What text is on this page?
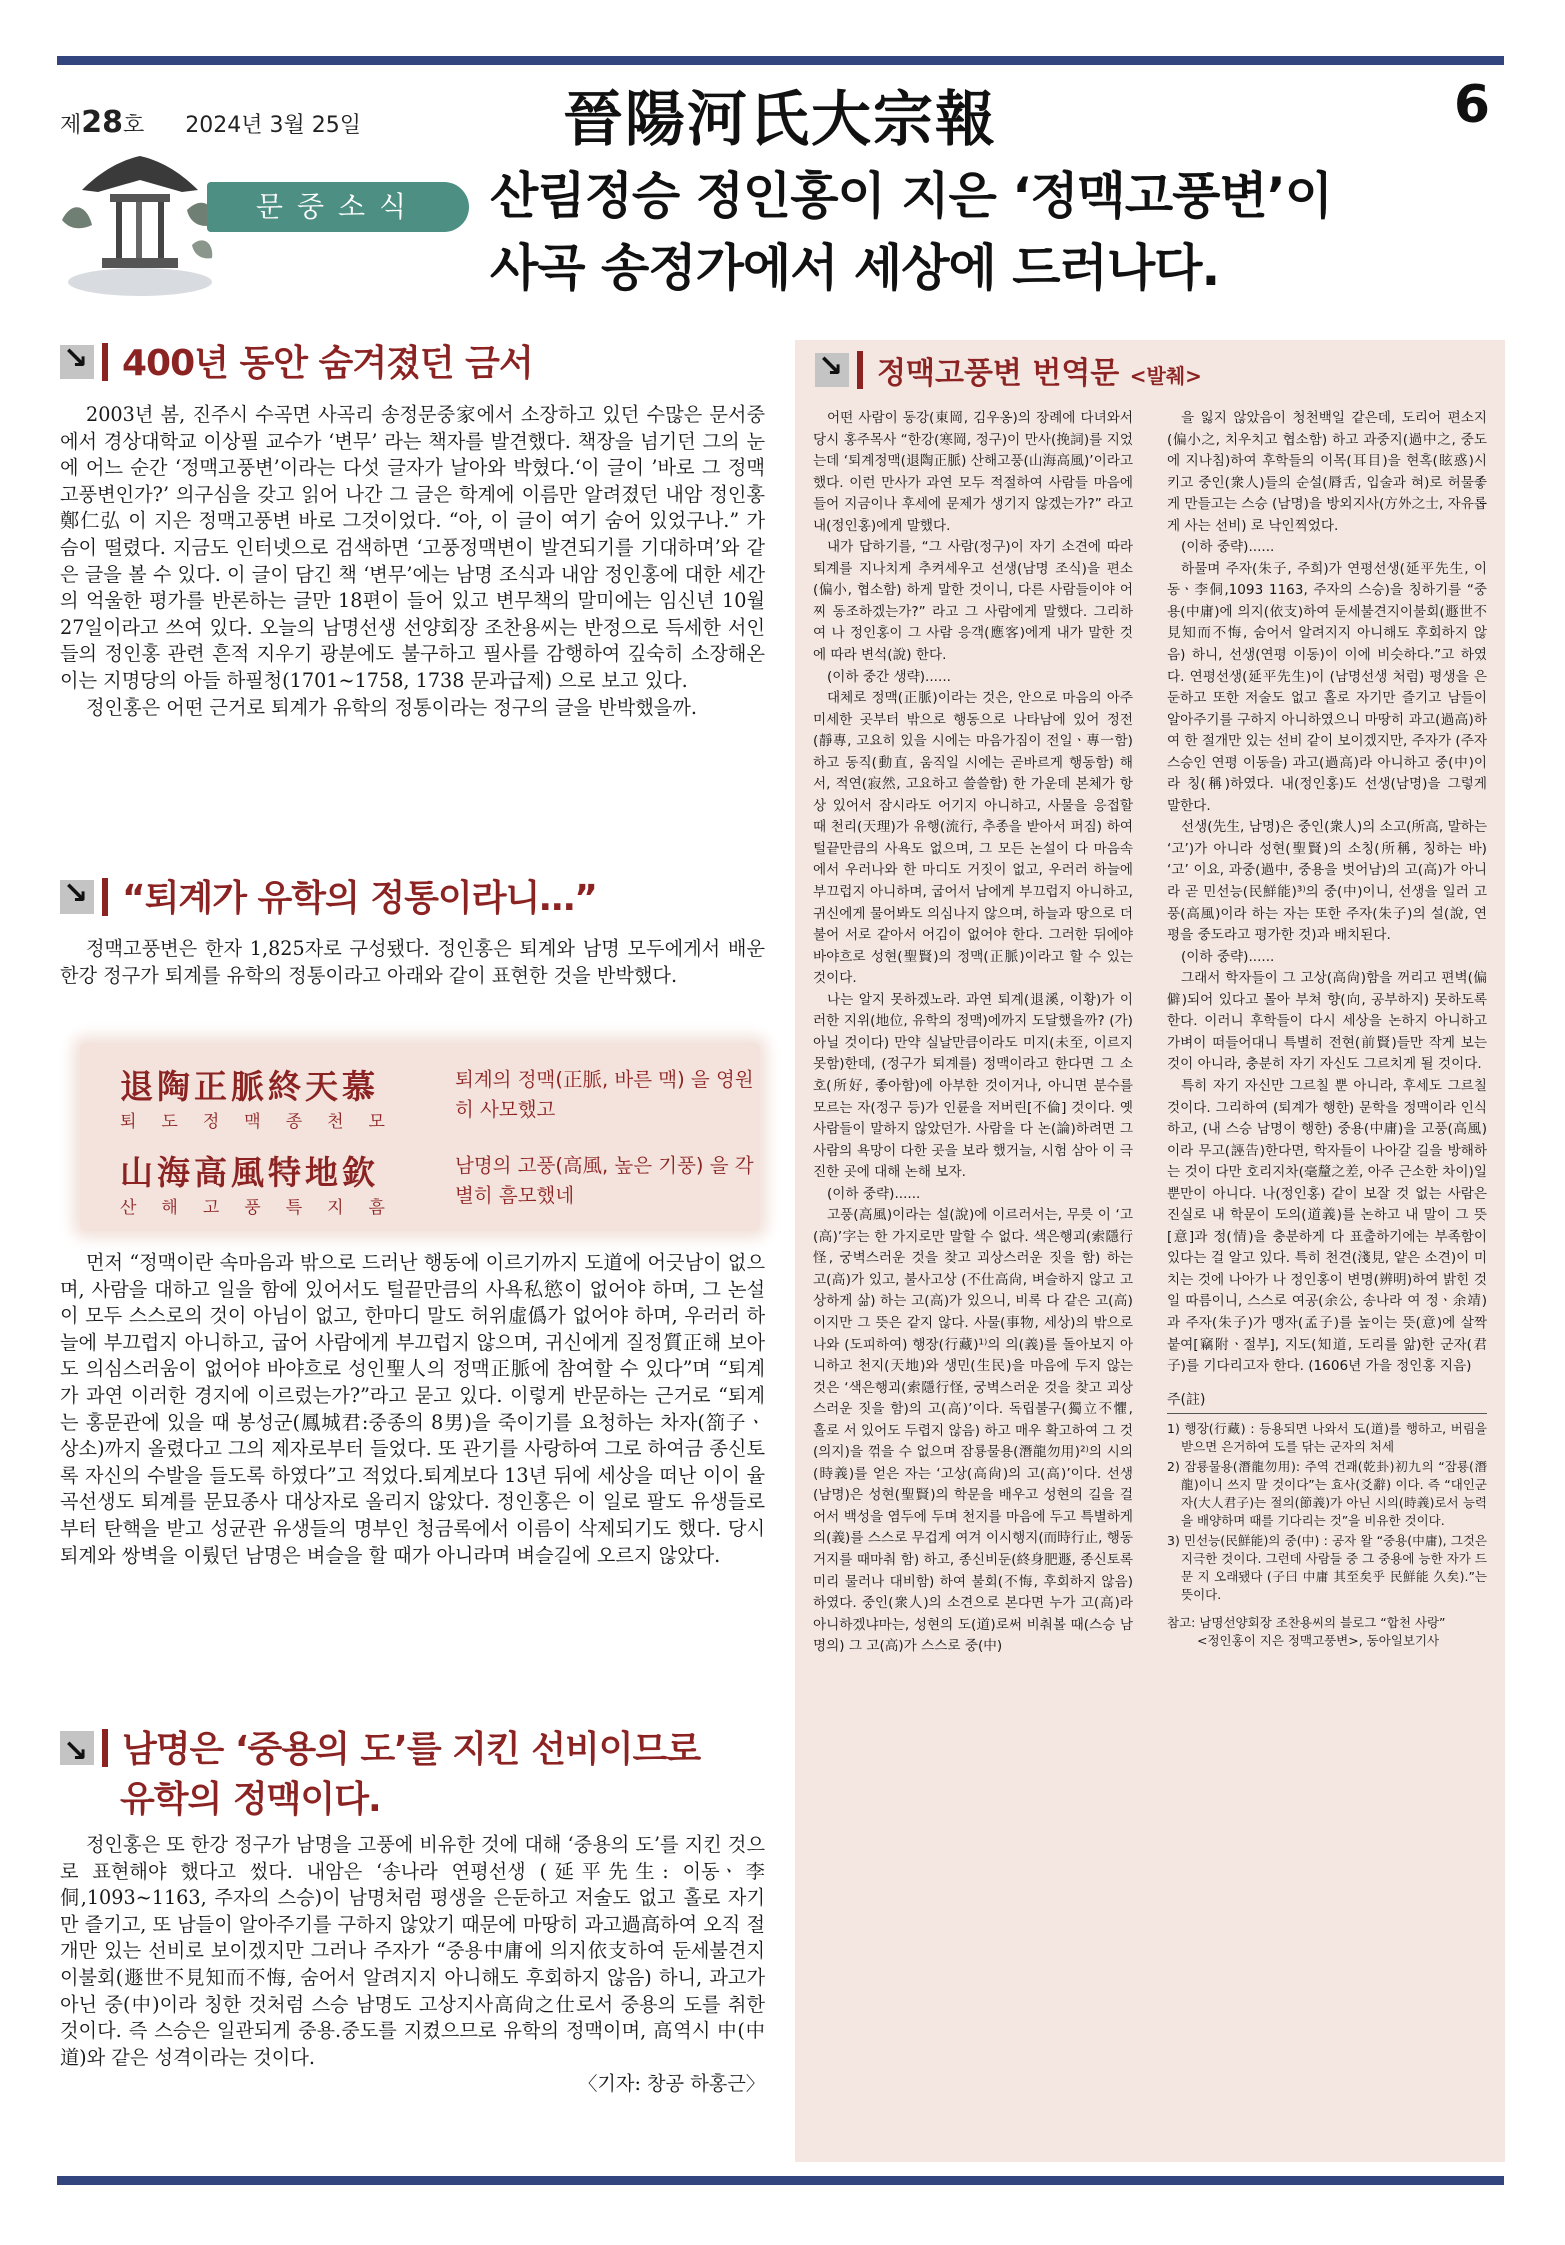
제28호 2024년 3월 25일	晉陽河氏大宗報	6
문중소식	산림정승 정인홍이 지은 ‘정맥고풍변’이
사곡 송정가에서 세상에 드러나다.
↘400년 동안 숨겨졌던 금서

2003년 봄, 진주시 수곡면 사곡리 송정문중家에서 소장하고 있던 수많은 문서중에서 경상대학교 이상필 교수가 ‘변무’ 라는 책자를 발견했다. 책장을 넘기던 그의 눈에 어느 순간 ‘정맥고풍변’이라는 다섯 글자가 날아와 박혔다.‘이 글이 ’바로 그 정맥고풍변인가?’ 의구심을 갖고 읽어 나간 그 글은 학계에 이름만 알려졌던 내암 정인홍鄭仁弘 이 지은 정맥고풍변 바로 그것이었다. “아, 이 글이 여기 숨어 있었구나.” 가슴이 떨렸다. 지금도 인터넷으로 검색하면 ‘고풍정맥변이 발견되기를 기대하며’와 같은 글을 볼 수 있다. 이 글이 담긴 책 ‘변무’에는 남명 조식과 내암 정인홍에 대한 세간의 억울한 평가를 반론하는 글만 18편이 들어 있고 변무책의 말미에는 임신년 10월 27일이라고 쓰여 있다. 오늘의 남명선생 선양회장 조찬용씨는 반정으로 득세한 서인들의 정인홍 관련 흔적 지우기 광분에도 불구하고 필사를 감행하여 깊숙히 소장해온 이는 지명당의 아들 하필청(1701~1758, 1738 문과급제) 으로 보고 있다.

정인홍은 어떤 근거로 퇴계가 유학의 정통이라는 정구의 글을 반박했을까.

↘“퇴계가 유학의 정통이라니…”

정맥고풍변은 한자 1,825자로 구성됐다. 정인홍은 퇴계와 남명 모두에게서 배운 한강 정구가 퇴계를 유학의 정통이라고 아래와 같이 표현한 것을 반박했다.

退陶正脈終天慕
퇴도정맥종천모
퇴계의 정맥(正脈, 바른 맥) 을 영원히 사모했고
山海高風特地欽
산해고풍특지흠
남명의 고풍(高風, 높은 기풍) 을 각별히 흠모했네

먼저 “정맥이란 속마음과 밖으로 드러난 행동에 이르기까지 도道에 어긋남이 없으며, 사람을 대하고 일을 함에 있어서도 털끝만큼의 사욕私慾이 없어야 하며, 그 논설이 모두 스스로의 것이 아님이 없고, 한마디 말도 허위虛僞가 없어야 하며, 우러러 하늘에 부끄럽지 아니하고, 굽어 사람에게 부끄럽지 않으며, 귀신에게 질정質正해 보아도 의심스러움이 없어야 바야흐로 성인聖人의 정맥正脈에 참여할 수 있다”며 “퇴계가 과연 이러한 경지에 이르렀는가?”라고 묻고 있다. 이렇게 반문하는 근거로 “퇴계는 홍문관에 있을 때 봉성군(鳳城君:중종의 8男)을 죽이기를 요청하는 차자(箚子ㆍ상소)까지 올렸다고 그의 제자로부터 들었다. 또 관기를 사랑하여 그로 하여금 종신토록 자신의 수발을 들도록 하였다”고 적었다.퇴계보다 13년 뒤에 세상을 떠난 이이 율곡선생도 퇴계를 문묘종사 대상자로 올리지 않았다. 정인홍은 이 일로 팔도 유생들로부터 탄핵을 받고 성균관 유생들의 명부인 청금록에서 이름이 삭제되기도 했다. 당시 퇴계와 쌍벽을 이뤘던 남명은 벼슬을 할 때가 아니라며 벼슬길에 오르지 않았다.

↘남명은 ‘중용의 도’를 지킨 선비이므로
유학의 정맥이다.

정인홍은 또 한강 정구가 남명을 고풍에 비유한 것에 대해 ‘중용의 도’를 지킨 것으로 표현해야 했다고 썼다. 내암은 ‘송나라 연평선생 (延平先生: 이동ㆍ李侗,1093~1163, 주자의 스승)이 남명처럼 평생을 은둔하고 저술도 없고 홀로 자기만 즐기고, 또 남들이 알아주기를 구하지 않았기 때문에 마땅히 과고過高하여 오직 절개만 있는 선비로 보이겠지만 그러나 주자가 “중용中庸에 의지依支하여 둔세불견지이불회(遯世不見知而不悔, 숨어서 알려지지 아니해도 후회하지 않음) 하니, 과고가 아닌 중(中)이라 칭한 것처럼 스승 남명도 고상지사高尙之仕로서 중용의 도를 취한 것이다. 즉 스승은 일관되게 중용.중도를 지켰으므로 유학의 정맥이며, 高역시 中(中道)와 같은 성격이라는 것이다.

〈기자: 창공 하홍근〉
↘정맥고풍변 번역문 <발췌>

어떤 사람이 동강(東岡, 김우옹)의 장례에 다녀와서 당시 홍주목사 “한강(寒岡, 정구)이 만사(挽詞)를 지었는데 ‘퇴계정맥(退陶正脈) 산해고풍(山海高風)’이라고 했다. 이런 만사가 과연 모두 적절하여 사람들 마음에 들어 지금이나 후세에 문제가 생기지 않겠는가?” 라고 내(정인홍)에게 말했다.

내가 답하기를, “그 사람(정구)이 자기 소견에 따라 퇴계를 지나치게 추켜세우고 선생(남명 조식)을 편소(偏小, 협소함) 하게 말한 것이니, 다른 사람들이야 어찌 동조하겠는가?” 라고 그 사람에게 말했다. 그리하여 나 정인홍이 그 사람 응객(應客)에게 내가 말한 것에 따라 변석(說) 한다.

(이하 중간 생략)......

대체로 정맥(正脈)이라는 것은, 안으로 마음의 아주 미세한 곳부터 밖으로 행동으로 나타남에 있어 정전(靜專, 고요히 있을 시에는 마음가짐이 전일ㆍ專一함) 하고 동직(動直, 움직일 시에는 곧바르게 행동함) 해서, 적연(寂然, 고요하고 쓸쓸함) 한 가운데 본체가 항상 있어서 잠시라도 어기지 아니하고, 사물을 응접할 때 천리(天理)가 유행(流行, 추종을 받아서 퍼짐) 하여 털끝만큼의 사욕도 없으며, 그 모든 논설이 다 마음속에서 우러나와 한 마디도 거짓이 없고, 우러러 하늘에 부끄럽지 아니하며, 굽어서 남에게 부끄럽지 아니하고, 귀신에게 물어봐도 의심나지 않으며, 하늘과 땅으로 더불어 서로 같아서 어김이 없어야 한다. 그러한 뒤에야 바야흐로 성현(聖賢)의 정맥(正脈)이라고 할 수 있는 것이다.

나는 알지 못하겠노라. 과연 퇴계(退溪, 이황)가 이러한 지위(地位, 유학의 정맥)에까지 도달했을까? (가) 아닐 것이다) 만약 실날만큼이라도 미지(未至, 이르지 못함)한데, (정구가 퇴계를) 정맥이라고 한다면 그 소호(所好, 좋아함)에 아부한 것이거나, 아니면 분수를 모르는 자(정구 등)가 인륜을 저버린[不倫] 것이다. 옛 사람들이 말하지 않았던가. 사람을 다 논(論)하려면 그 사람의 욕망이 다한 곳을 보라 했거늘, 시험 삼아 이 극진한 곳에 대해 논해 보자.

(이하 중략)......

고풍(高風)이라는 설(說)에 이르러서는, 무릇 이 ‘고(高)’字는 한 가지로만 말할 수 없다. 색은행괴(索隱行怪, 궁벽스러운 것을 찾고 괴상스러운 짓을 함) 하는 고(高)가 있고, 불사고상 (不仕高尙, 벼슬하지 않고 고상하게 삶) 하는 고(高)가 있으니, 비록 다 같은 고(高)이지만 그 뜻은 같지 않다. 사물(事物, 세상)의 밖으로 나와 (도피하여) 행장(行藏)¹⁾의 의(義)를 돌아보지 아니하고 천지(天地)와 생민(生民)을 마음에 두지 않는 것은 ‘색은행괴(索隱行怪, 궁벽스러운 것을 찾고 괴상스러운 짓을 함)의 고(高)’이다. 독립불구(獨立不懼, 홀로 서 있어도 두렵지 않음) 하고 매우 확고하여 그 것(의지)을 꺾을 수 없으며 잠룡물용(潛龍勿用)²⁾의 시의(時義)를 얻은 자는 ‘고상(高尙)의 고(高)’이다. 선생(남명)은 성현(聖賢)의 학문을 배우고 성현의 길을 걸어서 백성을 염두에 두며 천지를 마음에 두고 특별하게 의(義)를 스스로 무겁게 여겨 이시행지(而時行止, 행동거지를 때마춰 함) 하고, 종신비둔(終身肥遯, 종신토록 미리 물러나 대비함) 하여 불회(不悔, 후회하지 않음) 하였다. 중인(衆人)의 소견으로 본다면 누가 고(高)라 아니하겠냐마는, 성현의 도(道)로써 비춰볼 때(스승 남명의) 그 고(高)가 스스로 중(中)

을 잃지 않았음이 청천백일 같은데, 도리어 편소지(偏小之, 치우치고 협소함) 하고 과중지(過中之, 중도에 지나침)하여 후학들의 이목(耳目)을 현혹(眩惑)시키고 중인(衆人)들의 순설(脣舌, 입술과 혀)로 허물좋게 만들고는 스승 (남명)을 방외지사(方外之士, 자유롭게 사는 선비) 로 낙인찍었다.

(이하 중략)......

하물며 주자(朱子, 주희)가 연평선생(延平先生, 이동ㆍ李侗,1093 1163, 주자의 스승)을 칭하기를 “중용(中庸)에 의지(依支)하여 둔세불견지이불회(遯世不見知而不悔, 숨어서 알려지지 아니해도 후회하지 않음) 하니, 선생(연평 이동)이 이에 비슷하다.”고 하였다. 연평선생(延平先生)이 (남명선생 처럼) 평생을 은둔하고 또한 저술도 없고 홀로 자기만 즐기고 남들이 알아주기를 구하지 아니하였으니 마땅히 과고(過高)하여 한 절개만 있는 선비 같이 보이겠지만, 주자가 (주자 스승인 연평 이동을) 과고(過高)라 아니하고 중(中)이라 칭(稱)하였다. 내(정인홍)도 선생(남명)을 그렇게 말한다.

선생(先生, 남명)은 중인(衆人)의 소고(所高, 말하는 ‘고’)가 아니라 성현(聖賢)의 소칭(所稱, 칭하는 바) ‘고’ 이요, 과중(過中, 중용을 벗어남)의 고(高)가 아니라 곧 민선능(民鮮能)³⁾의 중(中)이니, 선생을 일러 고풍(高風)이라 하는 자는 또한 주자(朱子)의 설(說, 연평을 중도라고 평가한 것)과 배치된다.

(이하 중략)......

그래서 학자들이 그 고상(高尙)함을 꺼리고 편벽(偏僻)되어 있다고 몰아 부쳐 향(向, 공부하지) 못하도록 한다. 이러니 후학들이 다시 세상을 논하지 아니하고 가벼이 떠들어대니 특별히 전현(前賢)들만 작게 보는 것이 아니라, 충분히 자기 자신도 그르치게 될 것이다.

특히 자기 자신만 그르칠 뿐 아니라, 후세도 그르칠 것이다. 그리하여 (퇴계가 행한) 문학을 정맥이라 인식하고, (내 스승 남명이 행한) 중용(中庸)을 고풍(高風)이라 무고(誣告)한다면, 학자들이 나아갈 길을 방해하는 것이 다만 호리지차(毫釐之差, 아주 근소한 차이)일 뿐만이 아니다. 나(정인홍) 같이 보잘 것 없는 사람은 진실로 내 학문이 도의(道義)를 논하고 내 말이 그 뜻[意]과 정(情)을 충분하게 다 표출하기에는 부족함이 있다는 걸 알고 있다. 특히 천견(淺見, 얕은 소견)이 미치는 것에 나아가 나 정인홍이 변명(辨明)하여 밝힌 것일 따름이니, 스스로 여공(余公, 송나라 여 정ㆍ余靖)과 주자(朱子)가 맹자(孟子)를 높이는 뜻(意)에 살짝 붙여[竊附ㆍ절부], 지도(知道, 도리를 앎)한 군자(君子)를 기다리고자 한다. (1606년 가을 정인홍 지음)

주(註)

1) 행장(行藏) : 등용되면 나와서 도(道)를 행하고, 버림을 받으면 은거하여 도를 닦는 군자의 처세

2) 잠룡물용(潛龍勿用): 주역 건괘(乾卦)初九의 “잠룡(潛龍)이니 쓰지 말 것이다”는 효사(爻辭) 이다. 즉 “대인군자(大人君子)는 절의(節義)가 아닌 시의(時義)로서 능력을 배양하며 때를 기다리는 것”을 비유한 것이다.

3) 민선능(民鮮能)의 중(中) : 공자 왈 “중용(中庸), 그것은 지극한 것이다. 그런데 사람들 중 그 중용에 능한 자가 드문 지 오래됐다 (子曰 中庸 其至矣乎 民鮮能 久矣).”는 뜻이다.

참고: 남명선양회장 조찬용씨의 블로그 “합천 사랑”

<정인홍이 지은 정맥고풍변>, 동아일보기사
